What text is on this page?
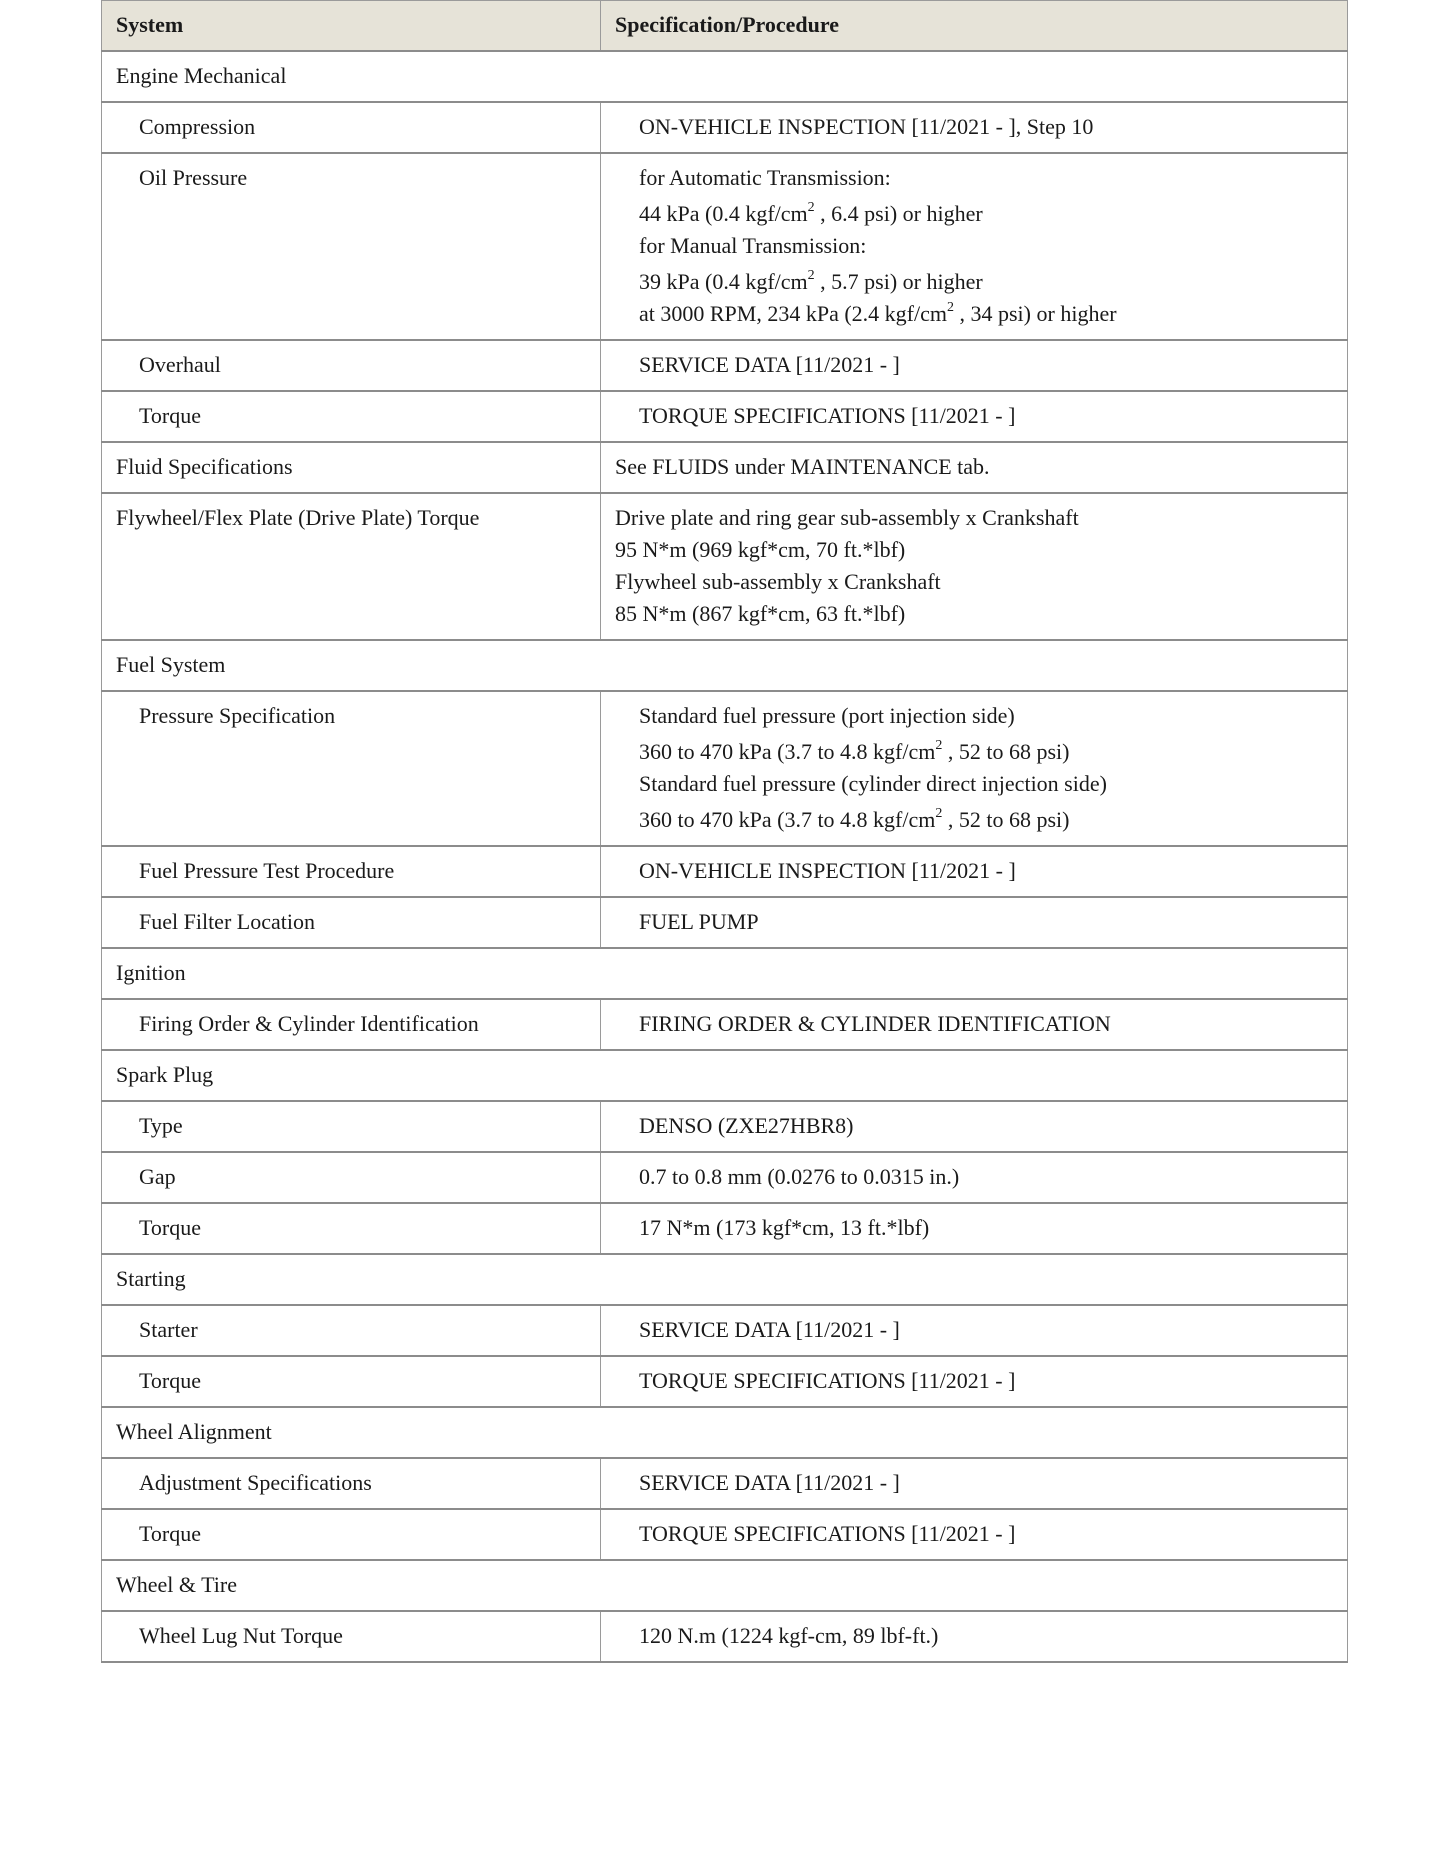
System	Specification/Procedure
Engine Mechanical	
Compression	ON-VEHICLE INSPECTION [11/2021 - ], Step 10
Oil Pressure	for Automatic Transmission:
44 kPa (0.4 kgf/$cm^2$ , 6.4 psi) or higher
for Manual Transmission:
39 kPa (0.4 kgf/$cm^2$ , 5.7 psi) or higher
at 3000 RPM, 234 kPa (2.4 kgf/$cm^2$ , 34 psi) or higher

Overhaul	SERVICE DATA [11/2021 - ]
Torque	TORQUE SPECIFICATIONS [11/2021 - ]
Fluid Specifications	See FLUIDS under MAINTENANCE tab.
Flywheel/Flex Plate (Drive Plate) Torque	Drive plate and ring gear sub-assembly x Crankshaft
95 N*m (969 kgf*cm, 70 ft.*lbf)
Flywheel sub-assembly x Crankshaft
85 N*m (867 kgf*cm, 63 ft.*lbf)

Fuel System	
Pressure Specification	Standard fuel pressure (port injection side)
360 to 470 kPa (3.7 to 4.8 kgf/$cm^2$ , 52 to 68 psi)
Standard fuel pressure (cylinder direct injection side)
360 to 470 kPa (3.7 to 4.8 kgf/$cm^2$ , 52 to 68 psi)

Fuel Pressure Test Procedure	ON-VEHICLE INSPECTION [11/2021 - ]
Fuel Filter Location	FUEL PUMP
Ignition	
Firing Order & Cylinder Identification	FIRING ORDER & CYLINDER IDENTIFICATION
Spark Plug	
Type	DENSO (ZXE27HBR8)
Gap	0.7 to 0.8 mm (0.0276 to 0.0315 in.)
Torque	17 N*m (173 kgf*cm, 13 ft.*lbf)
Starting	
Starter	SERVICE DATA [11/2021 - ]
Torque	TORQUE SPECIFICATIONS [11/2021 - ]
Wheel Alignment	
Adjustment Specifications	SERVICE DATA [11/2021 - ]
Torque	TORQUE SPECIFICATIONS [11/2021 - ]
Wheel & Tire	
Wheel Lug Nut Torque	120 N.m (1224 kgf-cm, 89 lbf-ft.)
